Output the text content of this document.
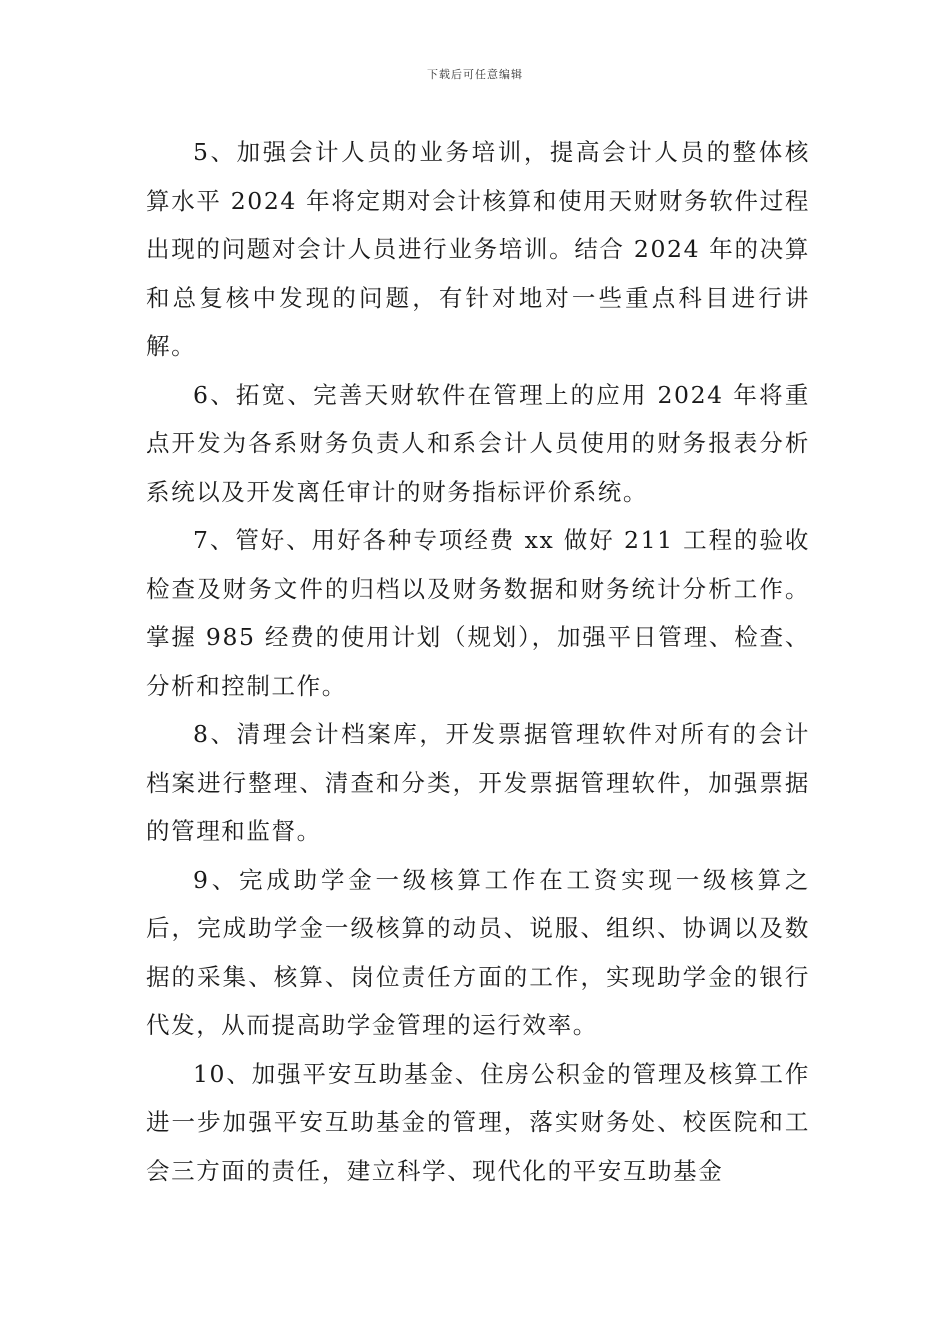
下载后可任意编辑

5、加强会计人员的业务培训，提高会计人员的整体核算水平 2024 年将定期对会计核算和使用天财财务软件过程出现的问题对会计人员进行业务培训。结合 2024 年的决算和总复核中发现的问题，有针对地对一些重点科目进行讲解。

6、拓宽、完善天财软件在管理上的应用 2024 年将重点开发为各系财务负责人和系会计人员使用的财务报表分析系统以及开发离任审计的财务指标评价系统。

7、管好、用好各种专项经费 xx 做好 211 工程的验收检查及财务文件的归档以及财务数据和财务统计分析工作。掌握 985 经费的使用计划（规划），加强平日管理、检查、分析和控制工作。

8、清理会计档案库，开发票据管理软件对所有的会计档案进行整理、清查和分类，开发票据管理软件，加强票据的管理和监督。

9、完成助学金一级核算工作在工资实现一级核算之后，完成助学金一级核算的动员、说服、组织、协调以及数据的采集、核算、岗位责任方面的工作，实现助学金的银行代发，从而提高助学金管理的运行效率。

10、加强平安互助基金、住房公积金的管理及核算工作进一步加强平安互助基金的管理，落实财务处、校医院和工会三方面的责任，建立科学、现代化的平安互助基金
